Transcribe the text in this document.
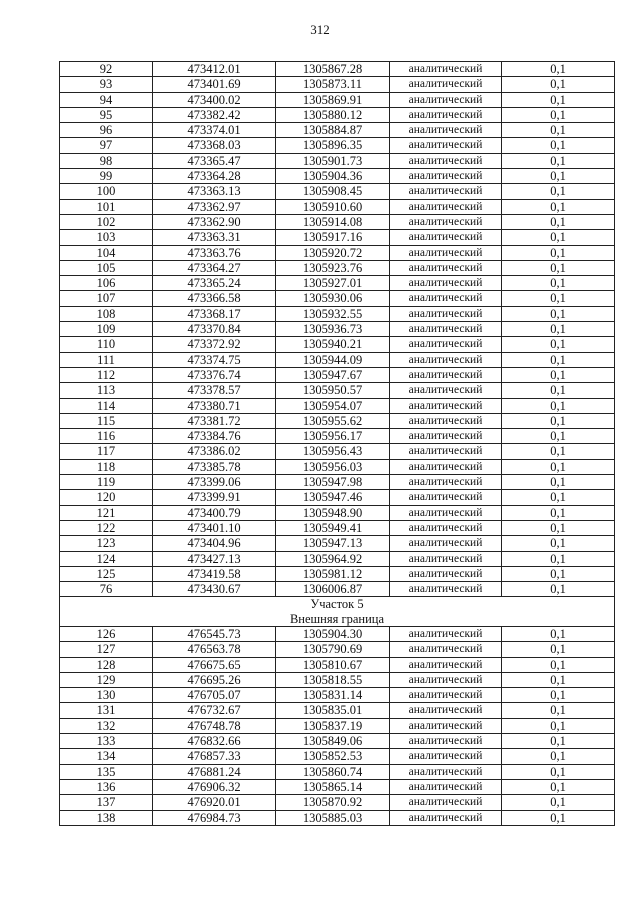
312
92	473412.01	1305867.28	аналитический	0,1
93	473401.69	1305873.11	аналитический	0,1
94	473400.02	1305869.91	аналитический	0,1
95	473382.42	1305880.12	аналитический	0,1
96	473374.01	1305884.87	аналитический	0,1
97	473368.03	1305896.35	аналитический	0,1
98	473365.47	1305901.73	аналитический	0,1
99	473364.28	1305904.36	аналитический	0,1
100	473363.13	1305908.45	аналитический	0,1
101	473362.97	1305910.60	аналитический	0,1
102	473362.90	1305914.08	аналитический	0,1
103	473363.31	1305917.16	аналитический	0,1
104	473363.76	1305920.72	аналитический	0,1
105	473364.27	1305923.76	аналитический	0,1
106	473365.24	1305927.01	аналитический	0,1
107	473366.58	1305930.06	аналитический	0,1
108	473368.17	1305932.55	аналитический	0,1
109	473370.84	1305936.73	аналитический	0,1
110	473372.92	1305940.21	аналитический	0,1
111	473374.75	1305944.09	аналитический	0,1
112	473376.74	1305947.67	аналитический	0,1
113	473378.57	1305950.57	аналитический	0,1
114	473380.71	1305954.07	аналитический	0,1
115	473381.72	1305955.62	аналитический	0,1
116	473384.76	1305956.17	аналитический	0,1
117	473386.02	1305956.43	аналитический	0,1
118	473385.78	1305956.03	аналитический	0,1
119	473399.06	1305947.98	аналитический	0,1
120	473399.91	1305947.46	аналитический	0,1
121	473400.79	1305948.90	аналитический	0,1
122	473401.10	1305949.41	аналитический	0,1
123	473404.96	1305947.13	аналитический	0,1
124	473427.13	1305964.92	аналитический	0,1
125	473419.58	1305981.12	аналитический	0,1
76	473430.67	1306006.87	аналитический	0,1
Участок 5				
Внешняя граница				
126	476545.73	1305904.30	аналитический	0,1
127	476563.78	1305790.69	аналитический	0,1
128	476675.65	1305810.67	аналитический	0,1
129	476695.26	1305818.55	аналитический	0,1
130	476705.07	1305831.14	аналитический	0,1
131	476732.67	1305835.01	аналитический	0,1
132	476748.78	1305837.19	аналитический	0,1
133	476832.66	1305849.06	аналитический	0,1
134	476857.33	1305852.53	аналитический	0,1
135	476881.24	1305860.74	аналитический	0,1
136	476906.32	1305865.14	аналитический	0,1
137	476920.01	1305870.92	аналитический	0,1
138	476984.73	1305885.03	аналитический	0,1
